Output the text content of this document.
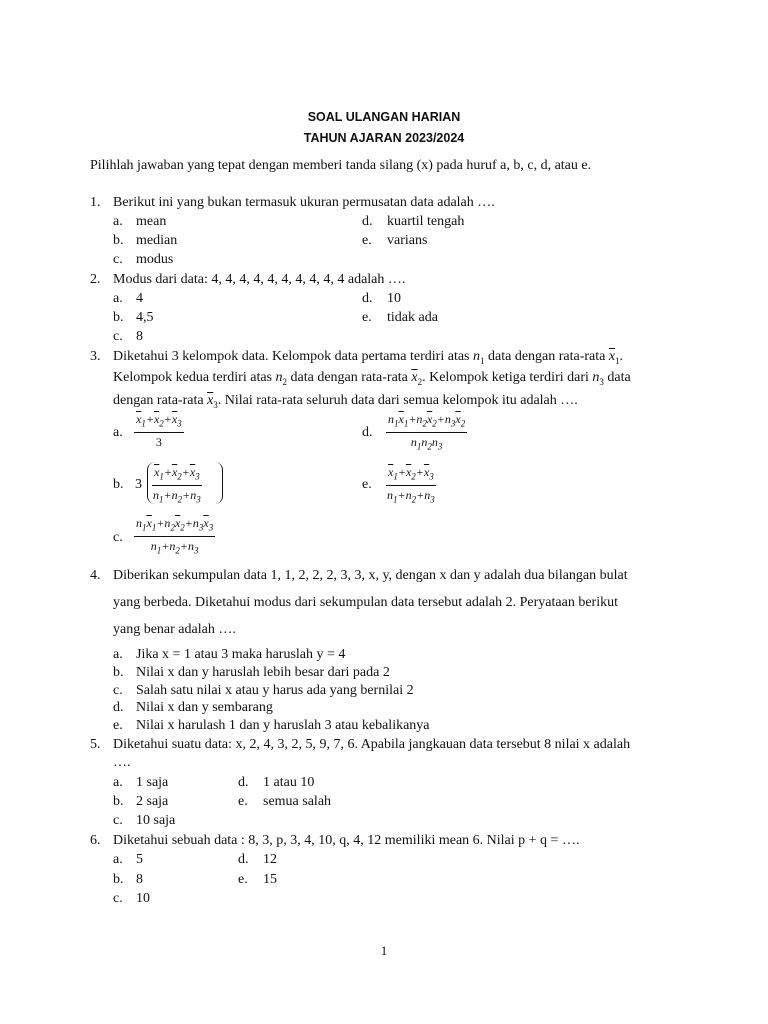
SOAL ULANGAN HARIAN
TAHUN AJARAN 2023/2024
Pilihlah jawaban yang tepat dengan memberi tanda silang (x) pada huruf a, b, c, d, atau e.
1. Berikut ini yang bukan termasuk ukuran permusatan data adalah ….
a. mean
b. median
c. modus
d. kuartil tengah
e. varians
2. Modus dari data: 4, 4, 4, 4, 4, 4, 4, 4, 4, 4 adalah ….
a. 4
b. 4,5
c. 8
d. 10
e. tidak ada
3. Diketahui 3 kelompok data. Kelompok data pertama terdiri atas $n_1$ data dengan rata-rata $\overline{x}_1$.
Kelompok kedua terdiri atas $n_2$ data dengan rata-rata $\overline{x}_2$. Kelompok ketiga terdiri dari $n_3$ data
dengan rata-rata $\overline{x}_3$. Nilai rata-rata seluruh data dari semua kelompok itu adalah ….
a. $\frac{\overline{x}_1+\overline{x}_2+\overline{x}_3}{3}$
b. $3 \frac{\overline{x}_1+\overline{x}_2+\overline{x}_3}{n_1+n_2+n_3}$
c. $\frac{n_1\overline{x}_1+n_2\overline{x}_2+n_3\overline{x}_3}{n_1+n_2+n_3}$
d. $\frac{n_1\overline{x}_1+n_2\overline{x}_2+n_3\overline{x}_2}{n_1n_2n_3}$
e. $\frac{\overline{x}_1+\overline{x}_2+\overline{x}_3}{n_1+n_2+n_3}$
4. Diberikan sekumpulan data 1, 1, 2, 2, 2, 3, 3, x, y, dengan x dan y adalah dua bilangan bulat
yang berbeda. Diketahui modus dari sekumpulan data tersebut adalah 2. Peryataan berikut
yang benar adalah ….
a. Jika x = 1 atau 3 maka haruslah y = 4
b. Nilai x dan y haruslah lebih besar dari pada 2
c. Salah satu nilai x atau y harus ada yang bernilai 2
d. Nilai x dan y sembarang
e. Nilai x harulash 1 dan y haruslah 3 atau kebalikanya
5. Diketahui suatu data: x, 2, 4, 3, 2, 5, 9, 7, 6. Apabila jangkauan data tersebut 8 nilai x adalah
….
a. 1 saja
b. 2 saja
c. 10 saja
d. 1 atau 10
e. semua salah
6. Diketahui sebuah data : 8, 3, p, 3, 4, 10, q, 4, 12 memiliki mean 6. Nilai p + q = ….
a. 5
b. 8
c. 10
d. 12
e. 15
1
